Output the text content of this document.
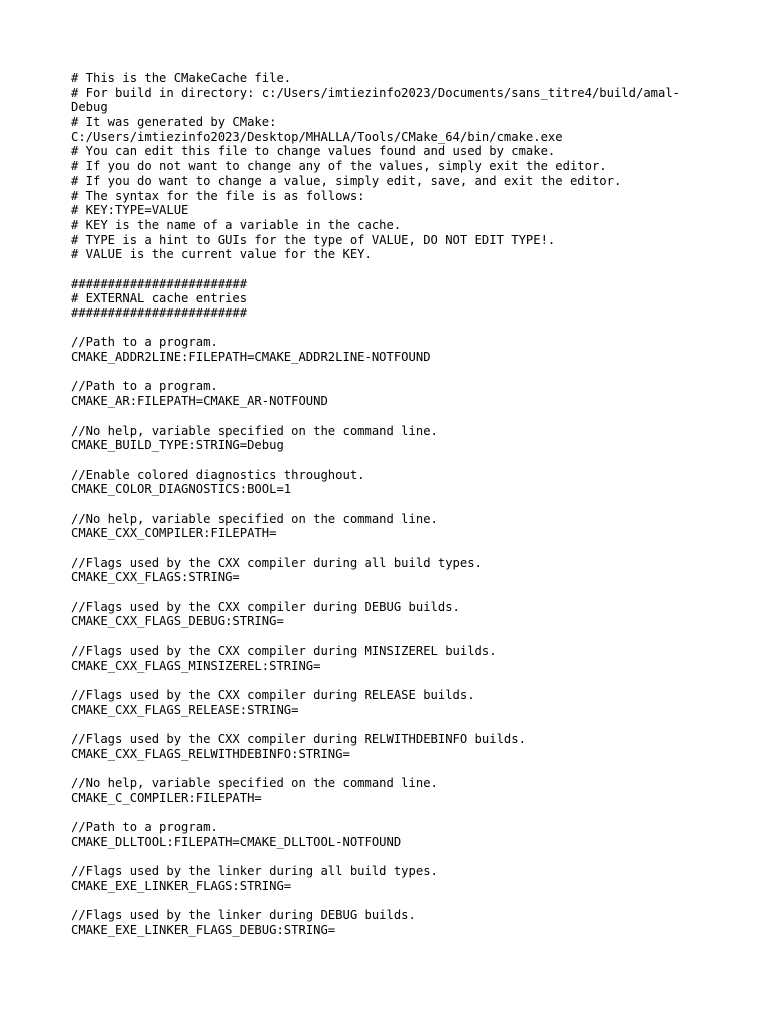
# This is the CMakeCache file.
# For build in directory: c:/Users/imtiezinfo2023/Documents/sans_titre4/build/amal-
Debug
# It was generated by CMake:
C:/Users/imtiezinfo2023/Desktop/MHALLA/Tools/CMake_64/bin/cmake.exe
# You can edit this file to change values found and used by cmake.
# If you do not want to change any of the values, simply exit the editor.
# If you do want to change a value, simply edit, save, and exit the editor.
# The syntax for the file is as follows:
# KEY:TYPE=VALUE
# KEY is the name of a variable in the cache.
# TYPE is a hint to GUIs for the type of VALUE, DO NOT EDIT TYPE!.
# VALUE is the current value for the KEY.
########################
# EXTERNAL cache entries
########################
//Path to a program.
CMAKE_ADDR2LINE:FILEPATH=CMAKE_ADDR2LINE-NOTFOUND
//Path to a program.
CMAKE_AR:FILEPATH=CMAKE_AR-NOTFOUND
//No help, variable specified on the command line.
CMAKE_BUILD_TYPE:STRING=Debug
//Enable colored diagnostics throughout.
CMAKE_COLOR_DIAGNOSTICS:BOOL=1
//No help, variable specified on the command line.
CMAKE_CXX_COMPILER:FILEPATH=
//Flags used by the CXX compiler during all build types.
CMAKE_CXX_FLAGS:STRING=
//Flags used by the CXX compiler during DEBUG builds.
CMAKE_CXX_FLAGS_DEBUG:STRING=
//Flags used by the CXX compiler during MINSIZEREL builds.
CMAKE_CXX_FLAGS_MINSIZEREL:STRING=
//Flags used by the CXX compiler during RELEASE builds.
CMAKE_CXX_FLAGS_RELEASE:STRING=
//Flags used by the CXX compiler during RELWITHDEBINFO builds.
CMAKE_CXX_FLAGS_RELWITHDEBINFO:STRING=
//No help, variable specified on the command line.
CMAKE_C_COMPILER:FILEPATH=
//Path to a program.
CMAKE_DLLTOOL:FILEPATH=CMAKE_DLLTOOL-NOTFOUND
//Flags used by the linker during all build types.
CMAKE_EXE_LINKER_FLAGS:STRING=
//Flags used by the linker during DEBUG builds.
CMAKE_EXE_LINKER_FLAGS_DEBUG:STRING=
